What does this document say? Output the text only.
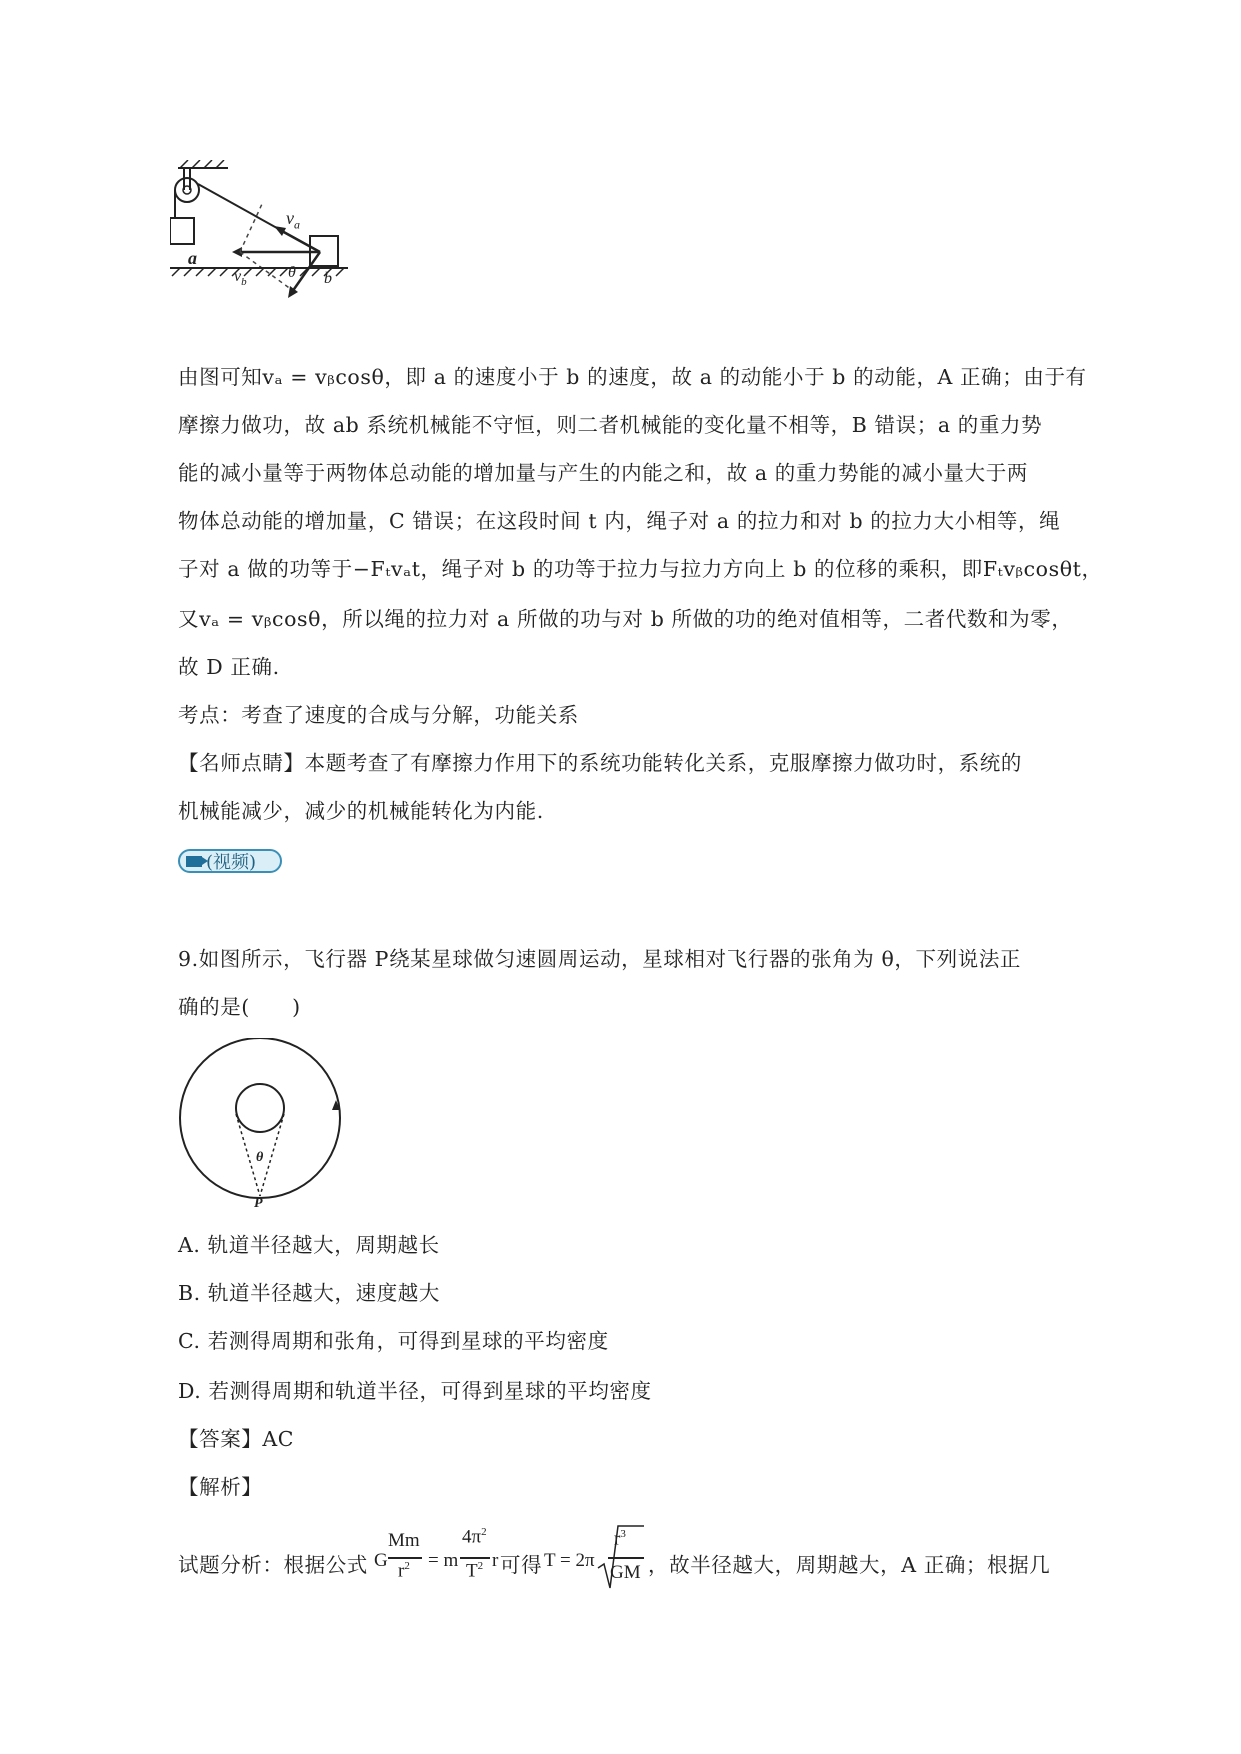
a
$v_a$
$v_b$
θ b
由图可知vₐ = vᵦcosθ，即 a 的速度小于 b 的速度，故 a 的动能小于 b 的动能，A 正确；由于有
摩擦力做功，故 ab 系统机械能不守恒，则二者机械能的变化量不相等，B 错误；a 的重力势
能的减小量等于两物体总动能的增加量与产生的内能之和，故 a 的重力势能的减小量大于两
物体总动能的增加量，C 错误；在这段时间 t 内，绳子对 a 的拉力和对 b 的拉力大小相等，绳
子对 a 做的功等于−Fₜvₐt，绳子对 b 的功等于拉力与拉力方向上 b 的位移的乘积，即Fₜvᵦcosθt，
又vₐ = vᵦcosθ，所以绳的拉力对 a 所做的功与对 b 所做的功的绝对值相等，二者代数和为零，
故 D 正确.
考点：考查了速度的合成与分解，功能关系
【名师点睛】本题考查了有摩擦力作用下的系统功能转化关系，克服摩擦力做功时，系统的
机械能减少，减少的机械能转化为内能.
(视频)
9.如图所示，飞行器 P绕某星球做匀速圆周运动，星球相对飞行器的张角为 θ，下列说法正
确的是(　　)
θ
P
A. 轨道半径越大，周期越长
B. 轨道半径越大，速度越大
C. 若测得周期和张角，可得到星球的平均密度
D. 若测得周期和轨道半径，可得到星球的平均密度
【答案】AC
【解析】
试题分析：根据公式 G
Mm
$r^2 = m$
$4\pi^2$
$T^2$ r 可得 T = 2π
$r^3$
GM ，故半径越大，周期越大，A 正确；根据几
